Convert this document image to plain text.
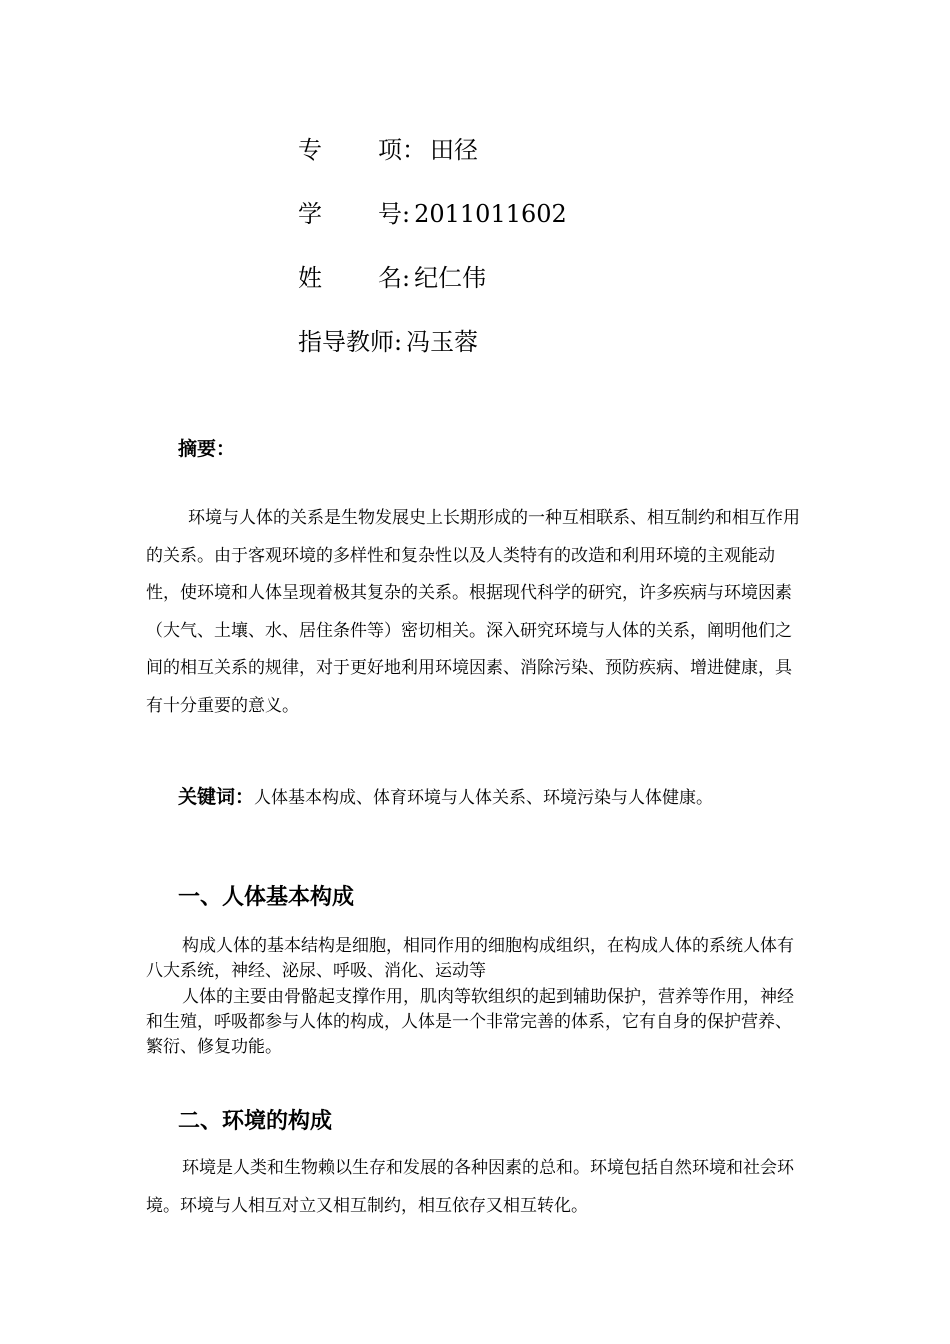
专 项 ： 田径
学 号 : 2011011602
姓 名 : 纪仁伟
指导教师 : 冯玉蓉
摘要：

环境与人体的关系是生物发展史上长期形成的一种互相联系、相互制约和相互作用的关系。由于客观环境的多样性和复杂性以及人类特有的改造和利用环境的主观能动性，使环境和人体呈现着极其复杂的关系。根据现代科学的研究，许多疾病与环境因素（大气、土壤、水、居住条件等）密切相关。深入研究环境与人体的关系，阐明他们之间的相互关系的规律，对于更好地利用环境因素、消除污染、预防疾病、增进健康，具有十分重要的意义。

关键词：人体基本构成、体育环境与人体关系、环境污染与人体健康。
一、人体基本构成

构成人体的基本结构是细胞，相同作用的细胞构成组织，在构成人体的系统人体有八大系统，神经、泌尿、呼吸、消化、运动等

人体的主要由骨骼起支撑作用，肌肉等软组织的起到辅助保护，营养等作用，神经和生殖，呼吸都参与人体的构成，人体是一个非常完善的体系，它有自身的保护营养、繁衍、修复功能。

二、环境的构成

环境是人类和生物赖以生存和发展的各种因素的总和。环境包括自然环境和社会环境。环境与人相互对立又相互制约，相互依存又相互转化。
